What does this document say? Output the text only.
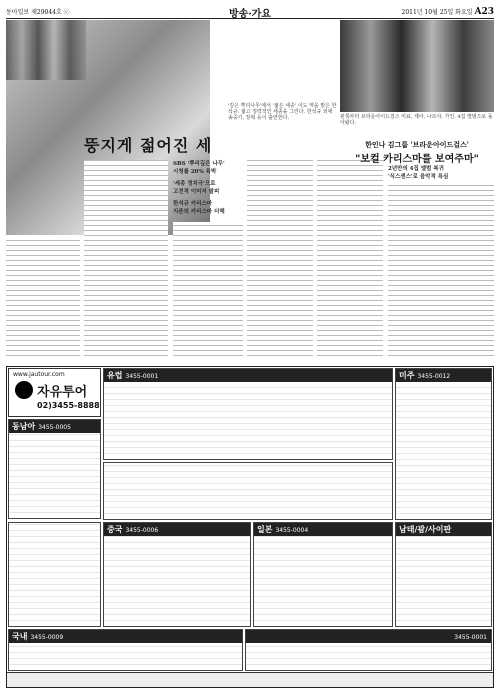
동아일보 제29044호 ⓒ	방송·가요	2011년 10월 25일 화요일 A23
'깊은 뿌리나무'에서 '젊은 세종' 이도 역을 맡은 한석규. 젊고 정력적인 세종을 그린다. 한석규 외에 송중기, 장혁 등이 출연한다.
뚱지게 젊어진 세
SBS '뿌리깊은 나무'
시청률 20% 육박
'세종 정치극'으로
고전적 이미지 탈피
한석규 카리스마
지존의 카리스마 더해
왼쪽부터 브라운아이드걸스 미료, 제아, 나르샤, 가인. 4집 앨범으로 돌아왔다.
한인나 김그룹 '브라운아이드걸스'
"보컬 카리스마를 보여주마"
2년만의 4집 앨범 복귀
'식스센스'로 음악적 욕심
www.jautour.com
자유투어
02)3455-8888
유럽 3455-0001	미주 3455-0012
동남아 3455-0005
중국 3455-0006	일본 3455-0004	남태/괌/사이판
국내 3455-0009	3455-0001
